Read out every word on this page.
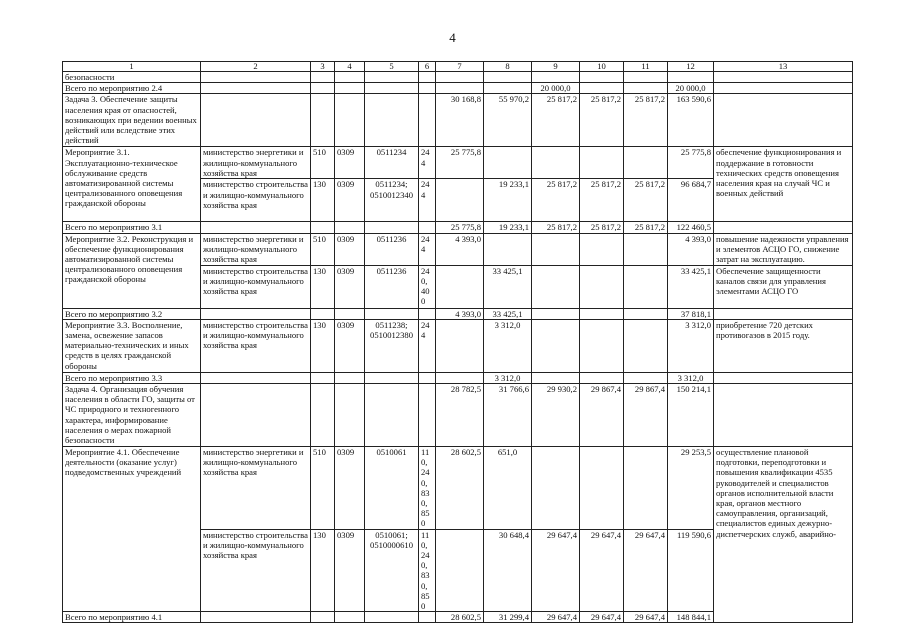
4
1	2	3	4	5	6	7	8	9	10	11	12	13
безопасности												
Всего по мероприятию 2.4								20 000,0			20 000,0	
Задача 3. Обеспечение защиты населения края от опасностей, возникающих при ведении военных действий или вследствие этих действий						30 168,8	55 970,2	25 817,2	25 817,2	25 817,2	163 590,6	
Мероприятие 3.1. Эксплуатационно-техническое обслуживание средств автоматизированной системы централизованного оповещения гражданской обороны	министерство энергетики и жилищно-коммунального хозяйства края	510	0309	0511234	244	25 775,8					25 775,8	обеспечение функционирования и поддержание в готовности технических средств оповещения населения края на случай ЧС и военных действий
	министерство строительства и жилищно-коммунального хозяйства края	130	0309	0511234; 0510012340	244		19 233,1	25 817,2	25 817,2	25 817,2	96 684,7	
Всего по мероприятию 3.1						25 775,8	19 233,1	25 817,2	25 817,2	25 817,2	122 460,5	
Мероприятие 3.2. Реконструкция и обеспечение функционирования автоматизированной системы централизованного оповещения гражданской обороны	министерство энергетики и жилищно-коммунального хозяйства края	510	0309	0511236	244	4 393,0					4 393,0	повышение надежности управления и элементов АСЦО ГО, снижение затрат на эксплуатацию.
	министерство строительства и жилищно-коммунального хозяйства края	130	0309	0511236	240, 400		33 425,1				33 425,1	Обеспечение защищенности каналов связи для управления элементами АСЦО ГО
Всего по мероприятию 3.2						4 393,0	33 425,1				37 818,1	
Мероприятие 3.3. Восполнение, замена, освежение запасов материально-технических и иных средств в целях гражданской обороны	министерство строительства и жилищно-коммунального хозяйства края	130	0309	0511238; 0510012380	244		3 312,0				3 312,0	приобретение 720 детских противогазов в 2015 году.
Всего по мероприятию 3.3							3 312,0				3 312,0	
Задача 4. Организация обучения населения в области ГО, защиты от ЧС природного и техногенного характера, информирование населения о мерах пожарной безопасности						28 782,5	31 766,6	29 930,2	29 867,4	29 867,4	150 214,1	
Мероприятие 4.1. Обеспечение деятельности (оказание услуг) подведомственных учреждений	министерство энергетики и жилищно-коммунального хозяйства края	510	0309	0510061	110, 240, 830, 850	28 602,5	651,0				29 253,5	осуществление плановой подготовки, переподготовки и повышения квалификации 4535 руководителей и специалистов органов исполнительной власти края, органов местного самоуправления, организаций, специалистов единых дежурно-диспетчерских служб, аварийно-
	министерство строительства и жилищно-коммунального хозяйства края	130	0309	0510061; 0510000610	110, 240, 830, 850		30 648,4	29 647,4	29 647,4	29 647,4	119 590,6	
Всего по мероприятию 4.1						28 602,5	31 299,4	29 647,4	29 647,4	29 647,4	148 844,1	
